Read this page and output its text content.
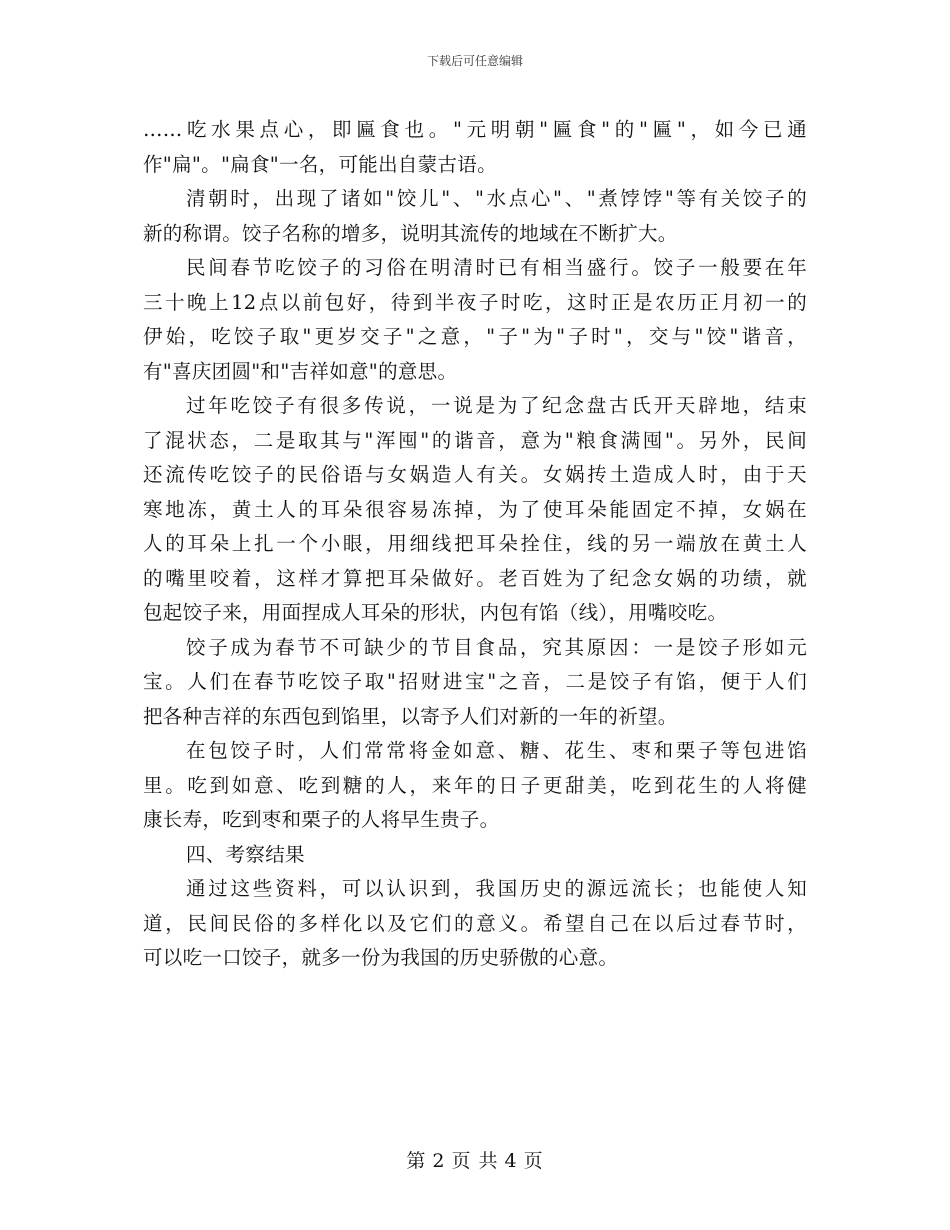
下载后可任意编辑
……吃水果点心，即匾食也。"元明朝"匾食"的"匾"，如今已通
作"扁"。"扁食"一名，可能出自蒙古语。
清朝时，出现了诸如"饺儿"、"水点心"、"煮饽饽"等有关饺子的
新的称谓。饺子名称的增多，说明其流传的地域在不断扩大。
民间春节吃饺子的习俗在明清时已有相当盛行。饺子一般要在年
三十晚上12点以前包好，待到半夜子时吃，这时正是农历正月初一的
伊始，吃饺子取"更岁交子"之意，"子"为"子时"，交与"饺"谐音，
有"喜庆团圆"和"吉祥如意"的意思。
过年吃饺子有很多传说，一说是为了纪念盘古氏开天辟地，结束
了混状态，二是取其与"浑囤"的谐音，意为"粮食满囤"。另外，民间
还流传吃饺子的民俗语与女娲造人有关。女娲抟土造成人时，由于天
寒地冻，黄土人的耳朵很容易冻掉，为了使耳朵能固定不掉，女娲在
人的耳朵上扎一个小眼，用细线把耳朵拴住，线的另一端放在黄土人
的嘴里咬着，这样才算把耳朵做好。老百姓为了纪念女娲的功绩，就
包起饺子来，用面捏成人耳朵的形状，内包有馅（线），用嘴咬吃。
饺子成为春节不可缺少的节目食品，究其原因：一是饺子形如元
宝。人们在春节吃饺子取"招财进宝"之音，二是饺子有馅，便于人们
把各种吉祥的东西包到馅里，以寄予人们对新的一年的祈望。
在包饺子时，人们常常将金如意、糖、花生、枣和栗子等包进馅
里。吃到如意、吃到糖的人，来年的日子更甜美，吃到花生的人将健
康长寿，吃到枣和栗子的人将早生贵子。
四、考察结果
通过这些资料，可以认识到，我国历史的源远流长；也能使人知
道，民间民俗的多样化以及它们的意义。希望自己在以后过春节时，
可以吃一口饺子，就多一份为我国的历史骄傲的心意。
第 2 页 共 4 页
